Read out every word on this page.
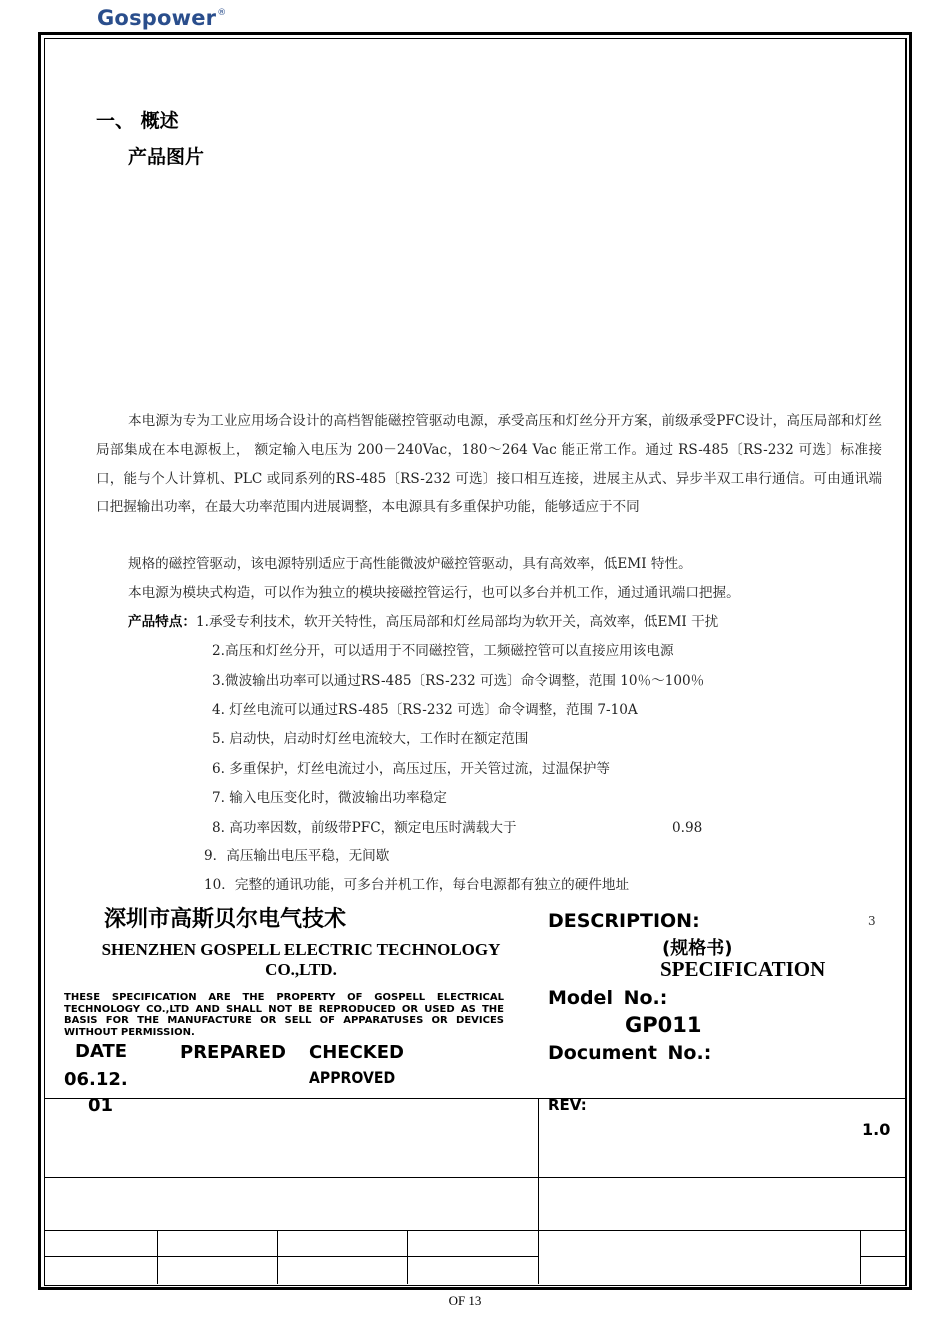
Gospower®
一、 概述
产品图片
本电源为专为工业应用场合设计的高档智能磁控管驱动电源，承受高压和灯丝分开方案，前级承受PFC设计，高压局部和灯丝局部集成在本电源板上， 额定输入电压为 200－240Vac，180～264 Vac 能正常工作。通过 RS-485〔RS-232 可选〕标准接口，能与个人计算机、PLC 或同系列的RS-485〔RS-232 可选〕接口相互连接，进展主从式、异步半双工串行通信。可由通讯端口把握输出功率，在最大功率范围内进展调整，本电源具有多重保护功能，能够适应于不同
规格的磁控管驱动，该电源特别适应于高性能微波炉磁控管驱动，具有高效率，低EMI 特性。
本电源为模块式构造，可以作为独立的模块接磁控管运行，也可以多台并机工作，通过通讯端口把握。
产品特点：1.承受专利技术，软开关特性，高压局部和灯丝局部均为软开关，高效率，低EMI 干扰
2.高压和灯丝分开，可以适用于不同磁控管，工频磁控管可以直接应用该电源
3.微波输出功率可以通过RS-485〔RS-232 可选〕命令调整，范围 10％～100％
4. 灯丝电流可以通过RS-485〔RS-232 可选〕命令调整，范围 7-10A
5. 启动快，启动时灯丝电流较大，工作时在额定范围
6. 多重保护，灯丝电流过小，高压过压，开关管过流，过温保护等
7. 输入电压变化时，微波输出功率稳定
8. 高功率因数，前级带PFC，额定电压时满载大于	0.98
9．高压输出电压平稳，无间歇
10．完整的通讯功能，可多台并机工作，每台电源都有独立的硬件地址
深圳市高斯贝尔电气技术
SHENZHEN GOSPELL ELECTRIC TECHNOLOGY CO.,LTD.
THESE SPECIFICATION ARE THE PROPERTY OF GOSPELL ELECTRICAL TECHNOLOGY CO.,LTD AND SHALL NOT BE REPRODUCED OR USED AS THE BASIS FOR THE MANUFACTURE OR SELL OF APPARATUSES OR DEVICES WITHOUT PERMISSION.
DESCRIPTION:	3
(规格书)
SPECIFICATION
Model No.:
GP011
Document No.:
DATE
06.12.
01
PREPARED CHECKED
APPROVED
REV:
1.0
OF 13
